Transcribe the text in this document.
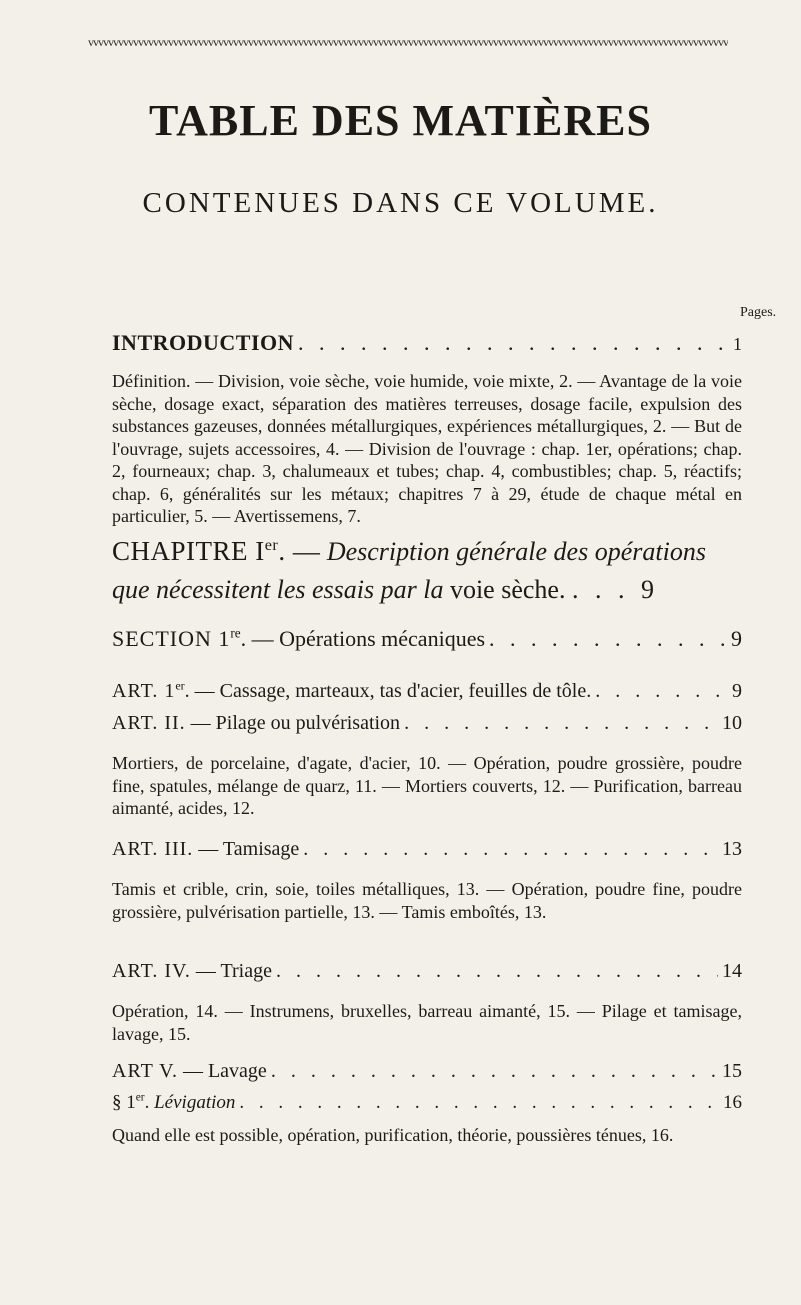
vvvvvvvvvvvvvvvvvvvvvvvvvvvvvvvvvvvvvvvvvvvvvvvvvvvvvvvvvvvvvvvvvvvvvvvvvvvvvvvvvvvvvvvvvvvvvvvvvvvvvvvvvvvvvvvvvvvvvvvvvvvvvvvv
TABLE DES MATIÈRES
CONTENUES DANS CE VOLUME.
Pages.
INTRODUCTION . . .	1
Définition. — Division, voie sèche, voie humide, voie mixte, 2. — Avantage de la voie sèche, dosage exact, séparation des matières terreuses, dosage facile, expulsion des substances gazeuses, données métallurgiques, expériences métallurgiques, 2. — But de l'ouvrage, sujets accessoires, 4. — Division de l'ouvrage : chap. 1er, opérations; chap. 2, fourneaux; chap. 3, chalumeaux et tubes; chap. 4, combustibles; chap. 5, réactifs; chap. 6, généralités sur les métaux; chapitres 7 à 29, étude de chaque métal en particulier, 5. — Avertissemens, 7.
CHAPITRE Ier. — Description générale des opérations que nécessitent les essais par la voie sèche. . . . 9
SECTION 1re. — Opérations mécaniques . . .	9
ART. 1er. — Cassage, marteaux, tas d'acier, feuilles de tôle. . . .	9
ART. II. — Pilage ou pulvérisation . . .	10
Mortiers, de porcelaine, d'agate, d'acier, 10. — Opération, poudre grossière, poudre fine, spatules, mélange de quarz, 11. — Mortiers couverts, 12. — Purification, barreau aimanté, acides, 12.
ART. III. — Tamisage . . .	13
Tamis et crible, crin, soie, toiles métalliques, 13. — Opération, poudre fine, poudre grossière, pulvérisation partielle, 13. — Tamis emboîtés, 13.
ART. IV. — Triage . . .	14
Opération, 14. — Instrumens, bruxelles, barreau aimanté, 15. — Pilage et tamisage, lavage, 15.
ART V. — Lavage . . .	15
§ 1er. Lévigation . . .	16
Quand elle est possible, opération, purification, théorie, poussières ténues, 16.
